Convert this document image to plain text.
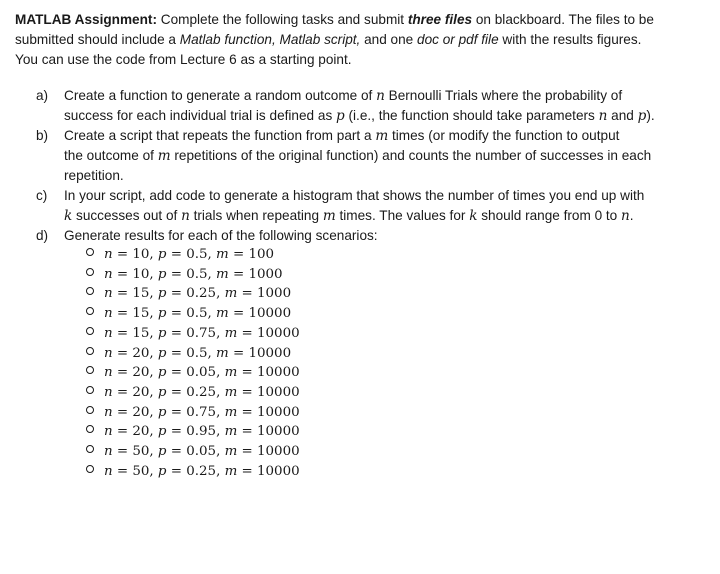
MATLAB Assignment: Complete the following tasks and submit three files on blackboard. The files to be

submitted should include a Matlab function, Matlab script, and one doc or pdf file with the results figures.

You can use the code from Lecture 6 as a starting point.

a)	Create a function to generate a random outcome of n Bernoulli Trials where the probability of
success for each individual trial is defined as p (i.e., the function should take parameters n and p).
b)	Create a script that repeats the function from part a m times (or modify the function to output
the outcome of m repetitions of the original function) and counts the number of successes in each
repetition.
c)	In your script, add code to generate a histogram that shows the number of times you end up with
k successes out of n trials when repeating m times. The values for k should range from 0 to n.
d)	Generate results for each of the following scenarios:
n = 10, p = 0.5, m = 100
n = 10, p = 0.5, m = 1000
n = 15, p = 0.25, m = 1000
n = 15, p = 0.5, m = 10000
n = 15, p = 0.75, m = 10000
n = 20, p = 0.5, m = 10000
n = 20, p = 0.05, m = 10000
n = 20, p = 0.25, m = 10000
n = 20, p = 0.75, m = 10000
n = 20, p = 0.95, m = 10000
n = 50, p = 0.05, m = 10000
n = 50, p = 0.25, m = 10000
